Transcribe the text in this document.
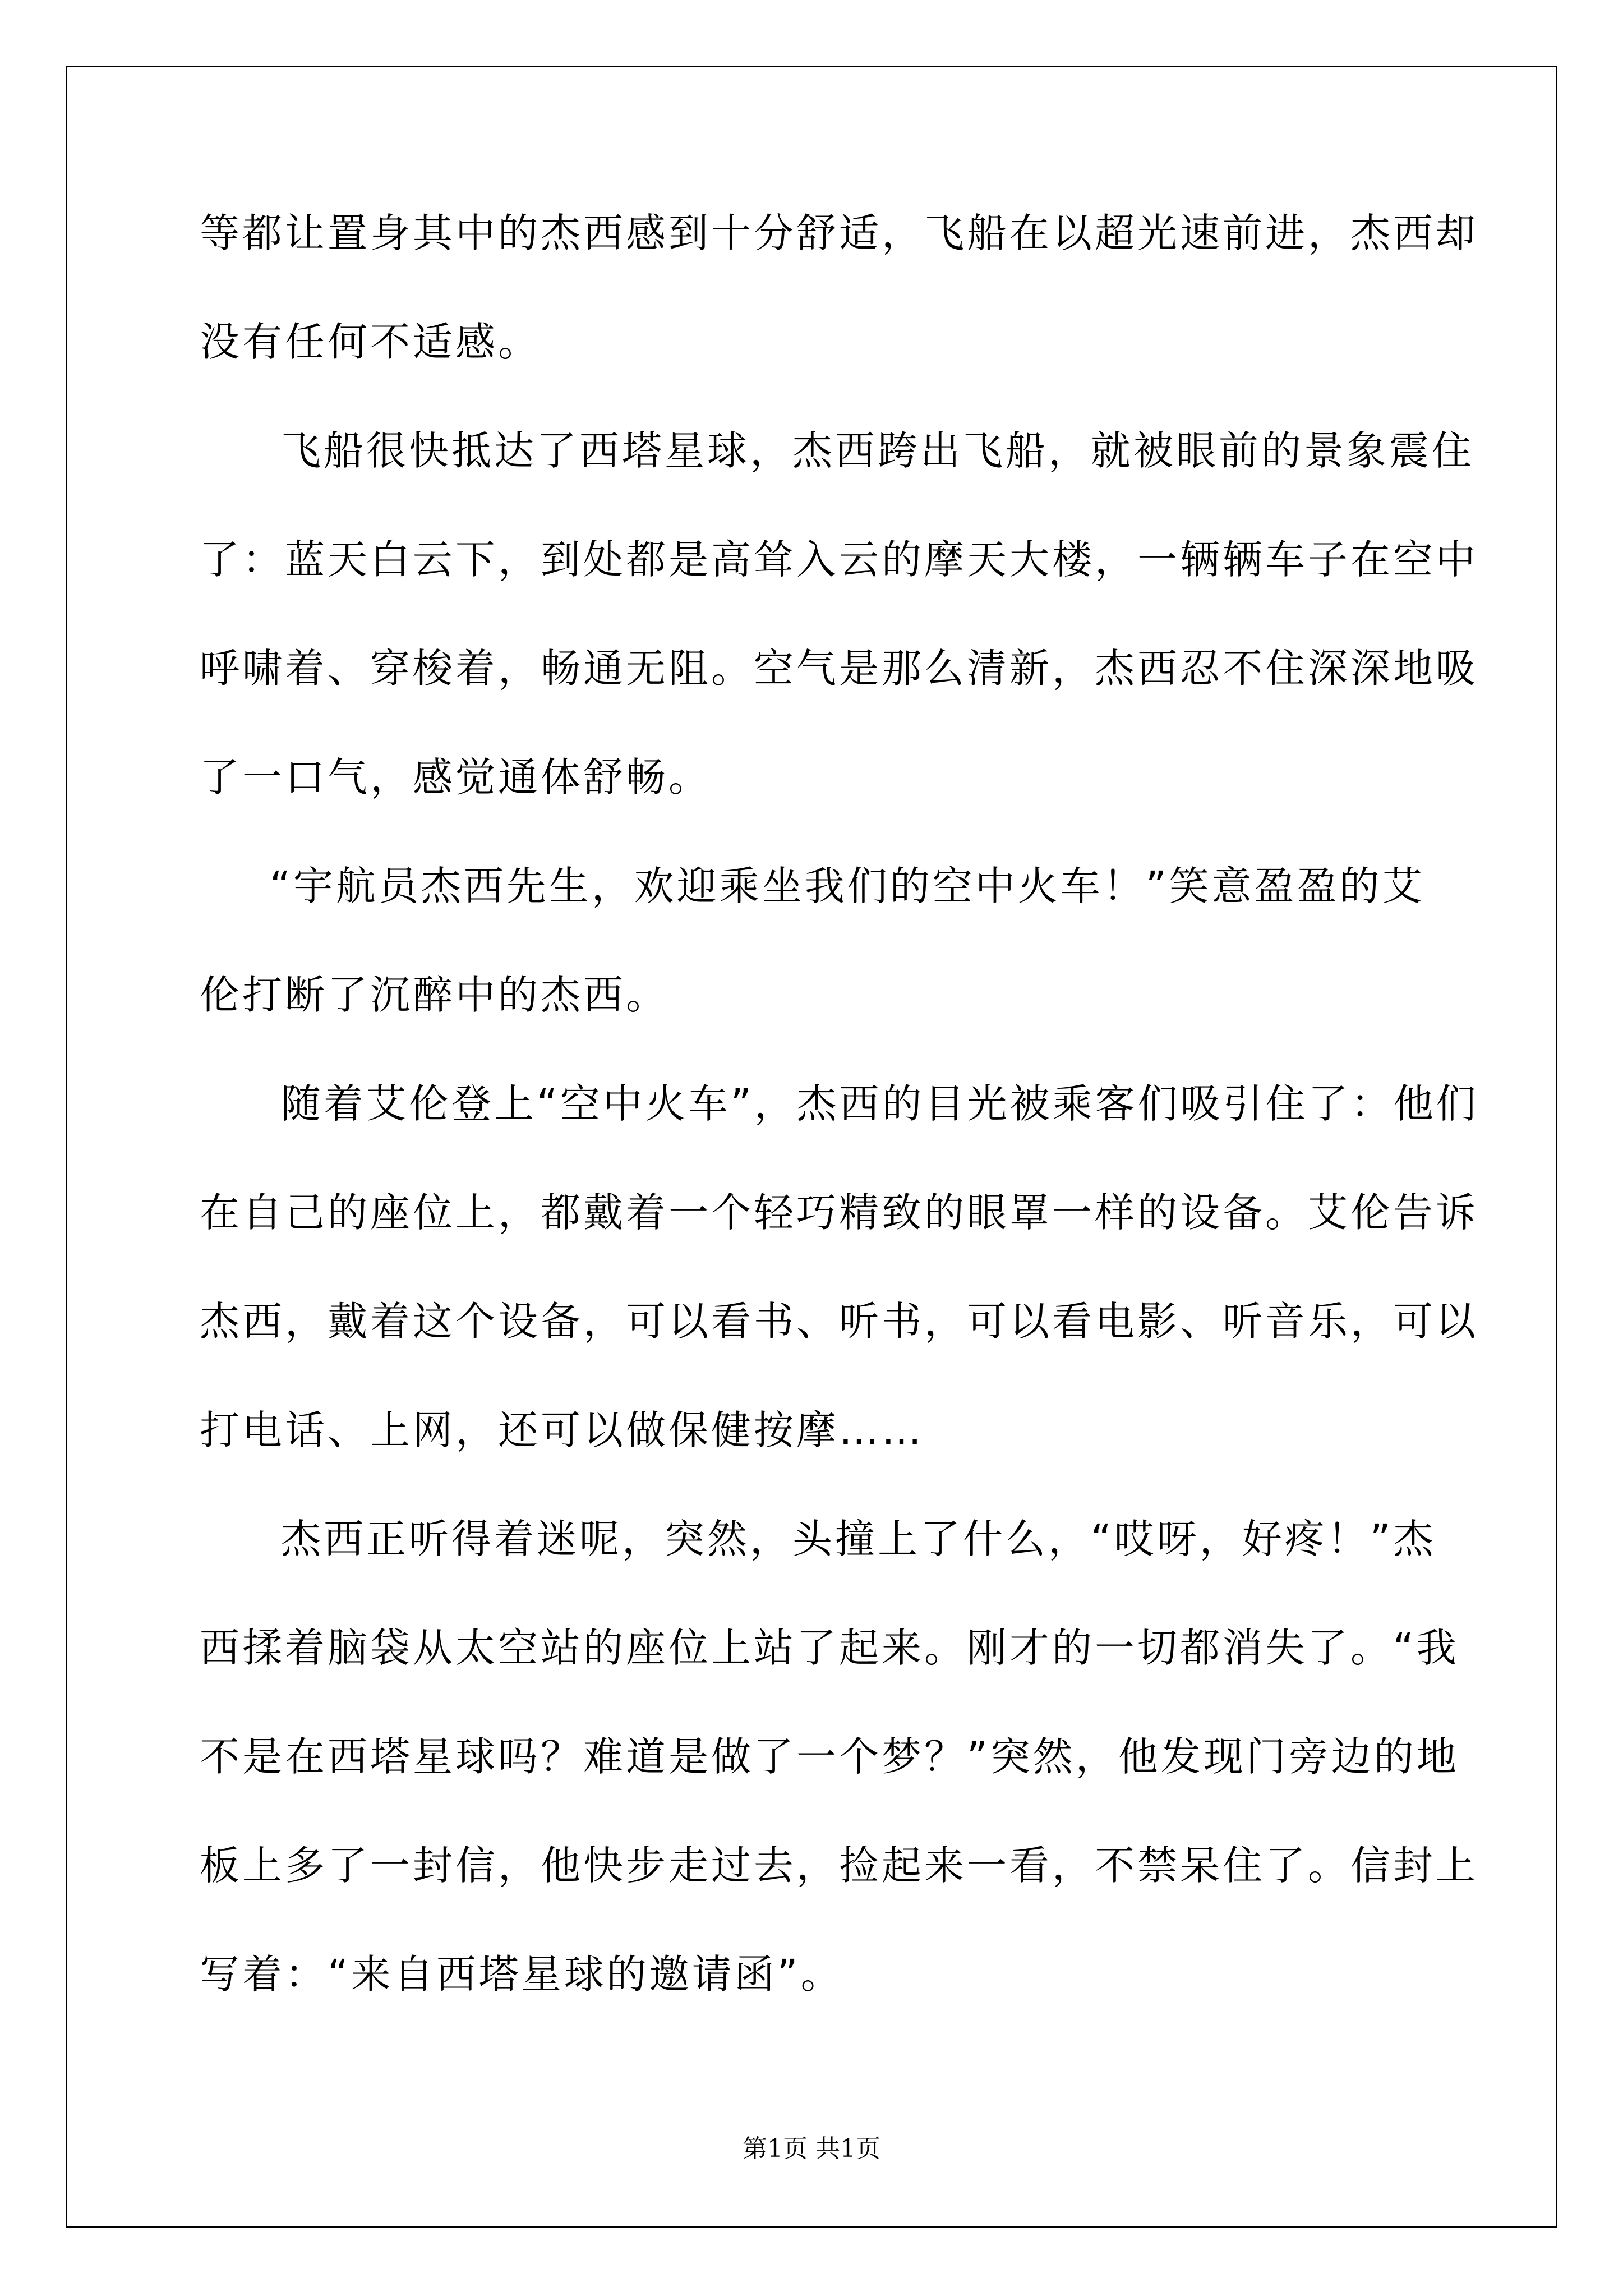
等都让置身其中的杰西感到十分舒适，飞船在以超光速前进，杰西却
没有任何不适感。
飞船很快抵达了西塔星球，杰西跨出飞船，就被眼前的景象震住
了：蓝天白云下，到处都是高耸入云的摩天大楼，一辆辆车子在空中
呼啸着、穿梭着，畅通无阻。空气是那么清新，杰西忍不住深深地吸
了一口气，感觉通体舒畅。
“宇航员杰西先生，欢迎乘坐我们的空中火车！”笑意盈盈的艾
伦打断了沉醉中的杰西。
随着艾伦登上“空中火车”，杰西的目光被乘客们吸引住了：他们
在自己的座位上，都戴着一个轻巧精致的眼罩一样的设备。艾伦告诉
杰西，戴着这个设备，可以看书、听书，可以看电影、听音乐，可以
打电话、上网，还可以做保健按摩……
杰西正听得着迷呢，突然，头撞上了什么，“哎呀，好疼！”杰
西揉着脑袋从太空站的座位上站了起来。刚才的一切都消失了。“我
不是在西塔星球吗？难道是做了一个梦？”突然，他发现门旁边的地
板上多了一封信，他快步走过去，捡起来一看，不禁呆住了。信封上
写着：“来自西塔星球的邀请函”。
第1页 共1页
